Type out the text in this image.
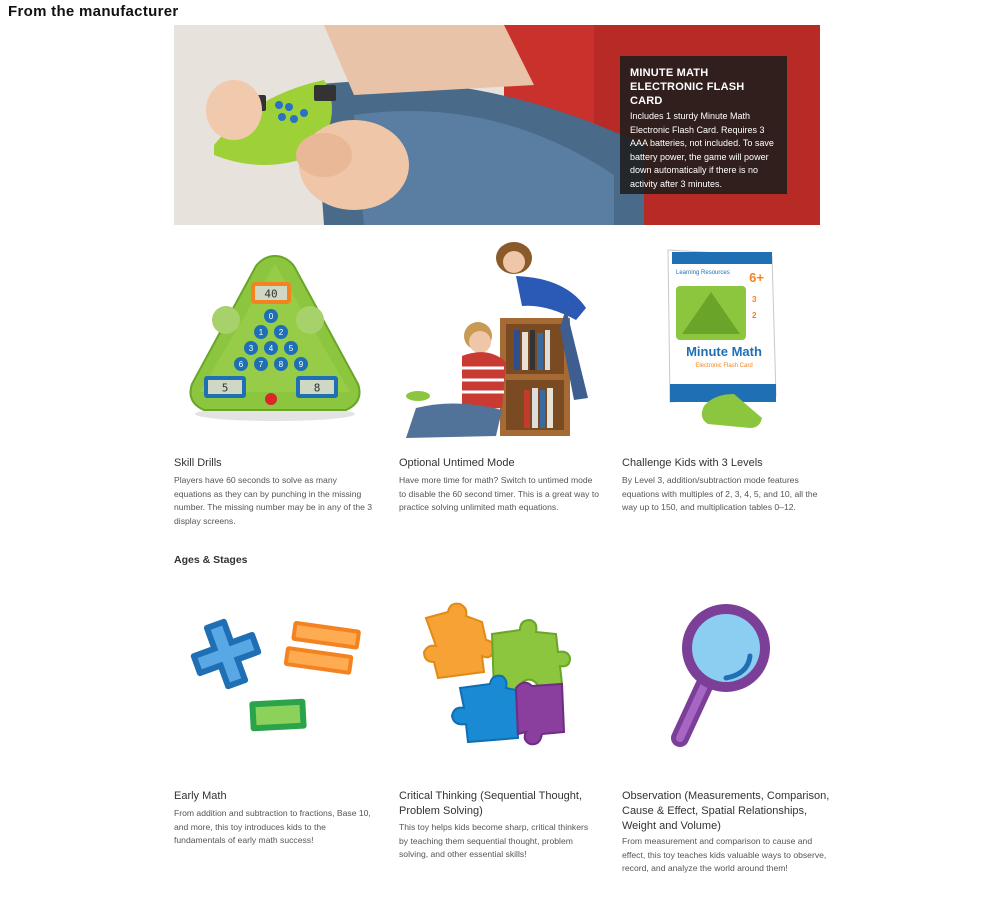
From the manufacturer
MINUTE MATH ELECTRONIC FLASH CARD
Includes 1 sturdy Minute Math Electronic Flash Card. Requires 3 AAA batteries, not included. To save battery power, the game will power down automatically if there is no activity after 3 minutes.
40
5	8
0
1 2
3 4 5
6 7 8 9
Skill Drills
Players have 60 seconds to solve as many equations as they can by punching in the missing number. The missing number may be in any of the 3 display screens.
Optional Untimed Mode
Have more time for math? Switch to untimed mode to disable the 60 second timer. This is a great way to practice solving unlimited math equations.
Learning Resources 6+
3
2
Minute Math
Electronic Flash Card
Challenge Kids with 3 Levels
By Level 3, addition/subtraction mode features equations with multiples of 2, 3, 4, 5, and 10, all the way up to 150, and multiplication tables 0–12.
Ages & Stages
Early Math
From addition and subtraction to fractions, Base 10, and more, this toy introduces kids to the fundamentals of early math success!
Critical Thinking (Sequential Thought, Problem Solving)
This toy helps kids become sharp, critical thinkers by teaching them sequential thought, problem solving, and other essential skills!
Observation (Measurements, Comparison, Cause & Effect, Spatial Relationships, Weight and Volume)
From measurement and comparison to cause and effect, this toy teaches kids valuable ways to observe, record, and analyze the world around them!
